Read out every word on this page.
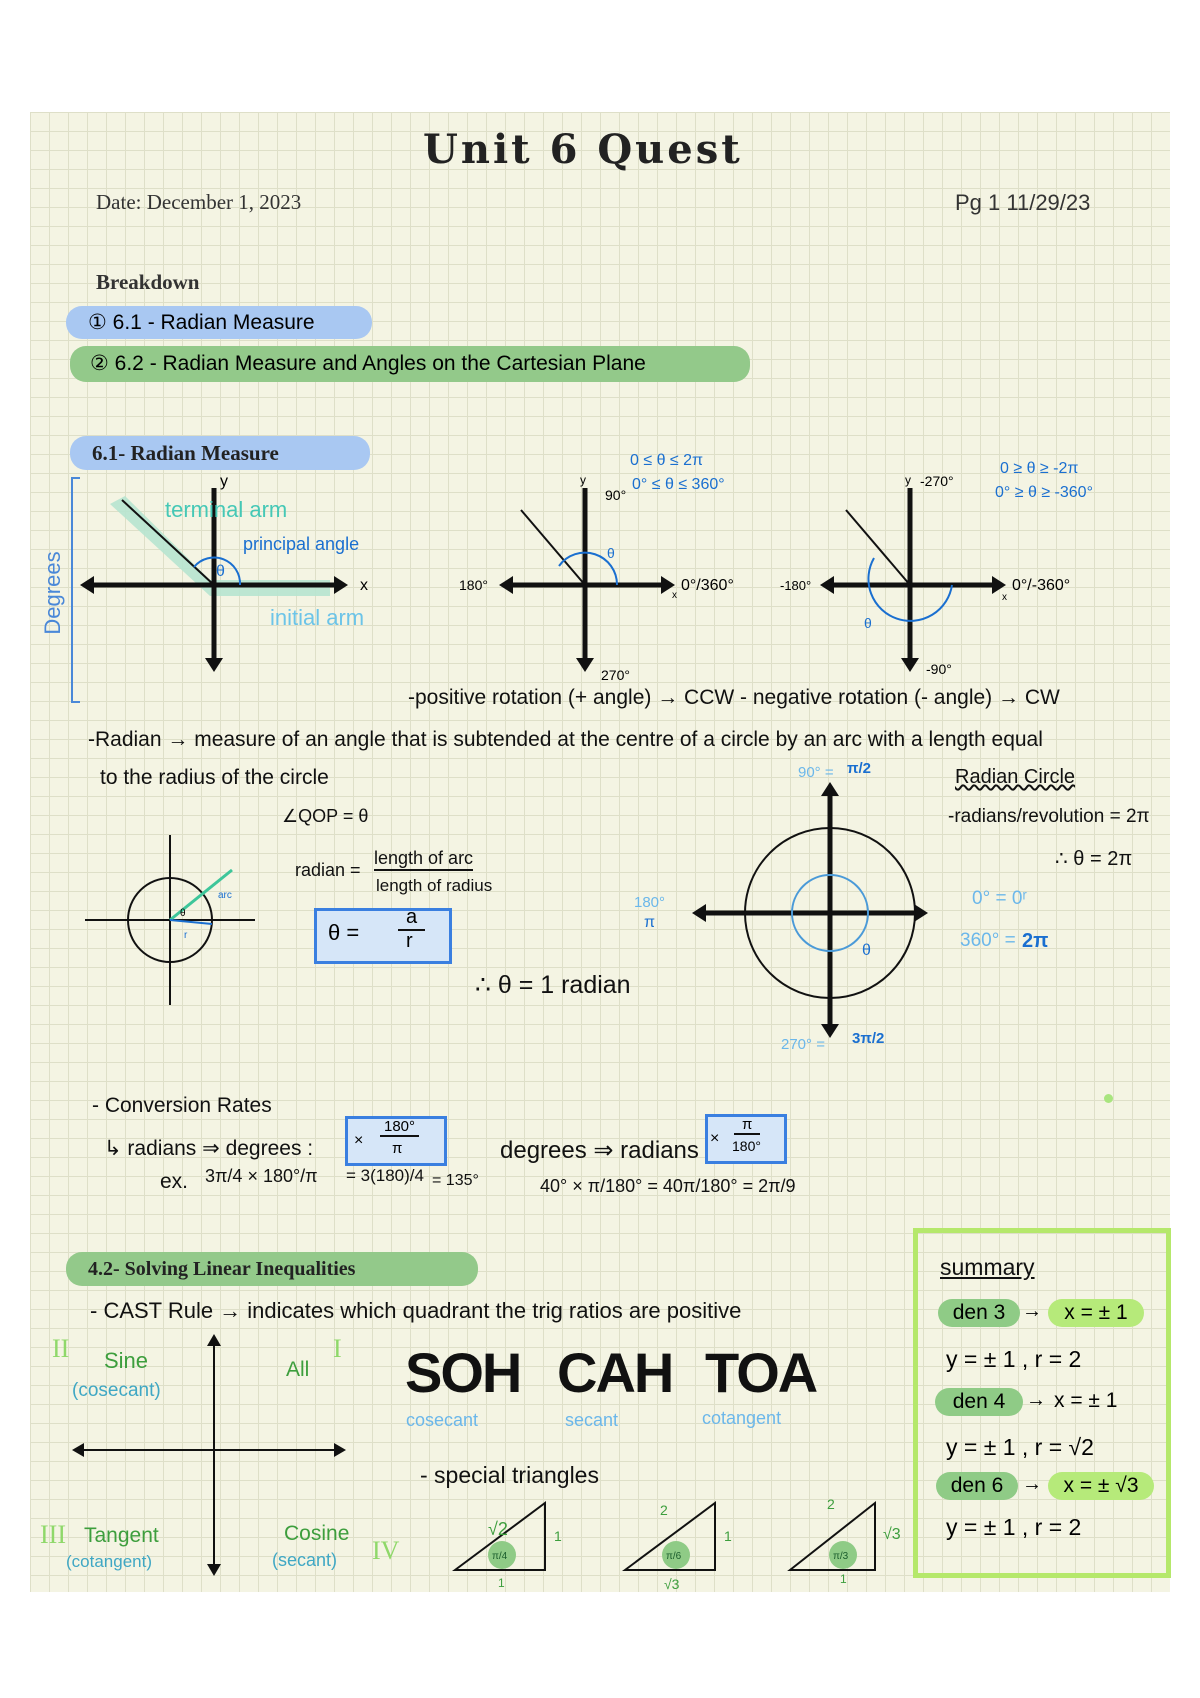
Unit 6 Quest
Date: December 1, 2023	Pg 1 11/29/23
Breakdown
① 6.1 - Radian Measure
② 6.2 - Radian Measure and Angles on the Cartesian Plane
6.1- Radian Measure
Degrees
y
x
θ
terminal arm
principal angle
initial arm
0 ≤ θ ≤ 2π
0° ≤ θ ≤ 360°
y
90°
180°	0°/360°
x
270°
θ
0 ≥ θ ≥ -2π
0° ≥ θ ≥ -360°
y -270°
-180°	0°/-360°
x
-90°
θ
-positive rotation (+ angle) → CCW - negative rotation (- angle) → CW
-Radian → measure of an angle that is subtended at the centre of a circle by an arc with a length equal
to the radius of the circle
arc
r
θ
∠QOP = θ
radian =
length of arc
length of radius
θ =
a
r
∴ θ = 1 radian
θ
90° = π/2
180°
π
0° = 0ʳ
360° = 2π
270° = 3π/2
Radian Circle
-radians/revolution = 2π
∴ θ = 2π
- Conversion Rates
↳ radians ⇒ degrees :	×
180°
π
ex. 3π/4 × 180°/π = 3(180)/4 = 135°
degrees ⇒ radians ×
π
180°
40° × π/180° = 40π/180° = 2π/9
4.2- Solving Linear Inequalities
- CAST Rule → indicates which quadrant the trig ratios are positive
II	I
III
IV
Sine
(cosecant)
All
Tangent
(cotangent)
Cosine
(secant)
SOH CAH TOA
cosecant	secant	cotangent
- special triangles
√2	1
1
π/4
2
1
√3
π/6
2
√3
1
π/3
summary
den 3 →	x = ± 1
y = ± 1 , r = 2
den 4	→ x = ± 1
y = ± 1 , r = √2
den 6 →	x = ± √3
y = ± 1 , r = 2
